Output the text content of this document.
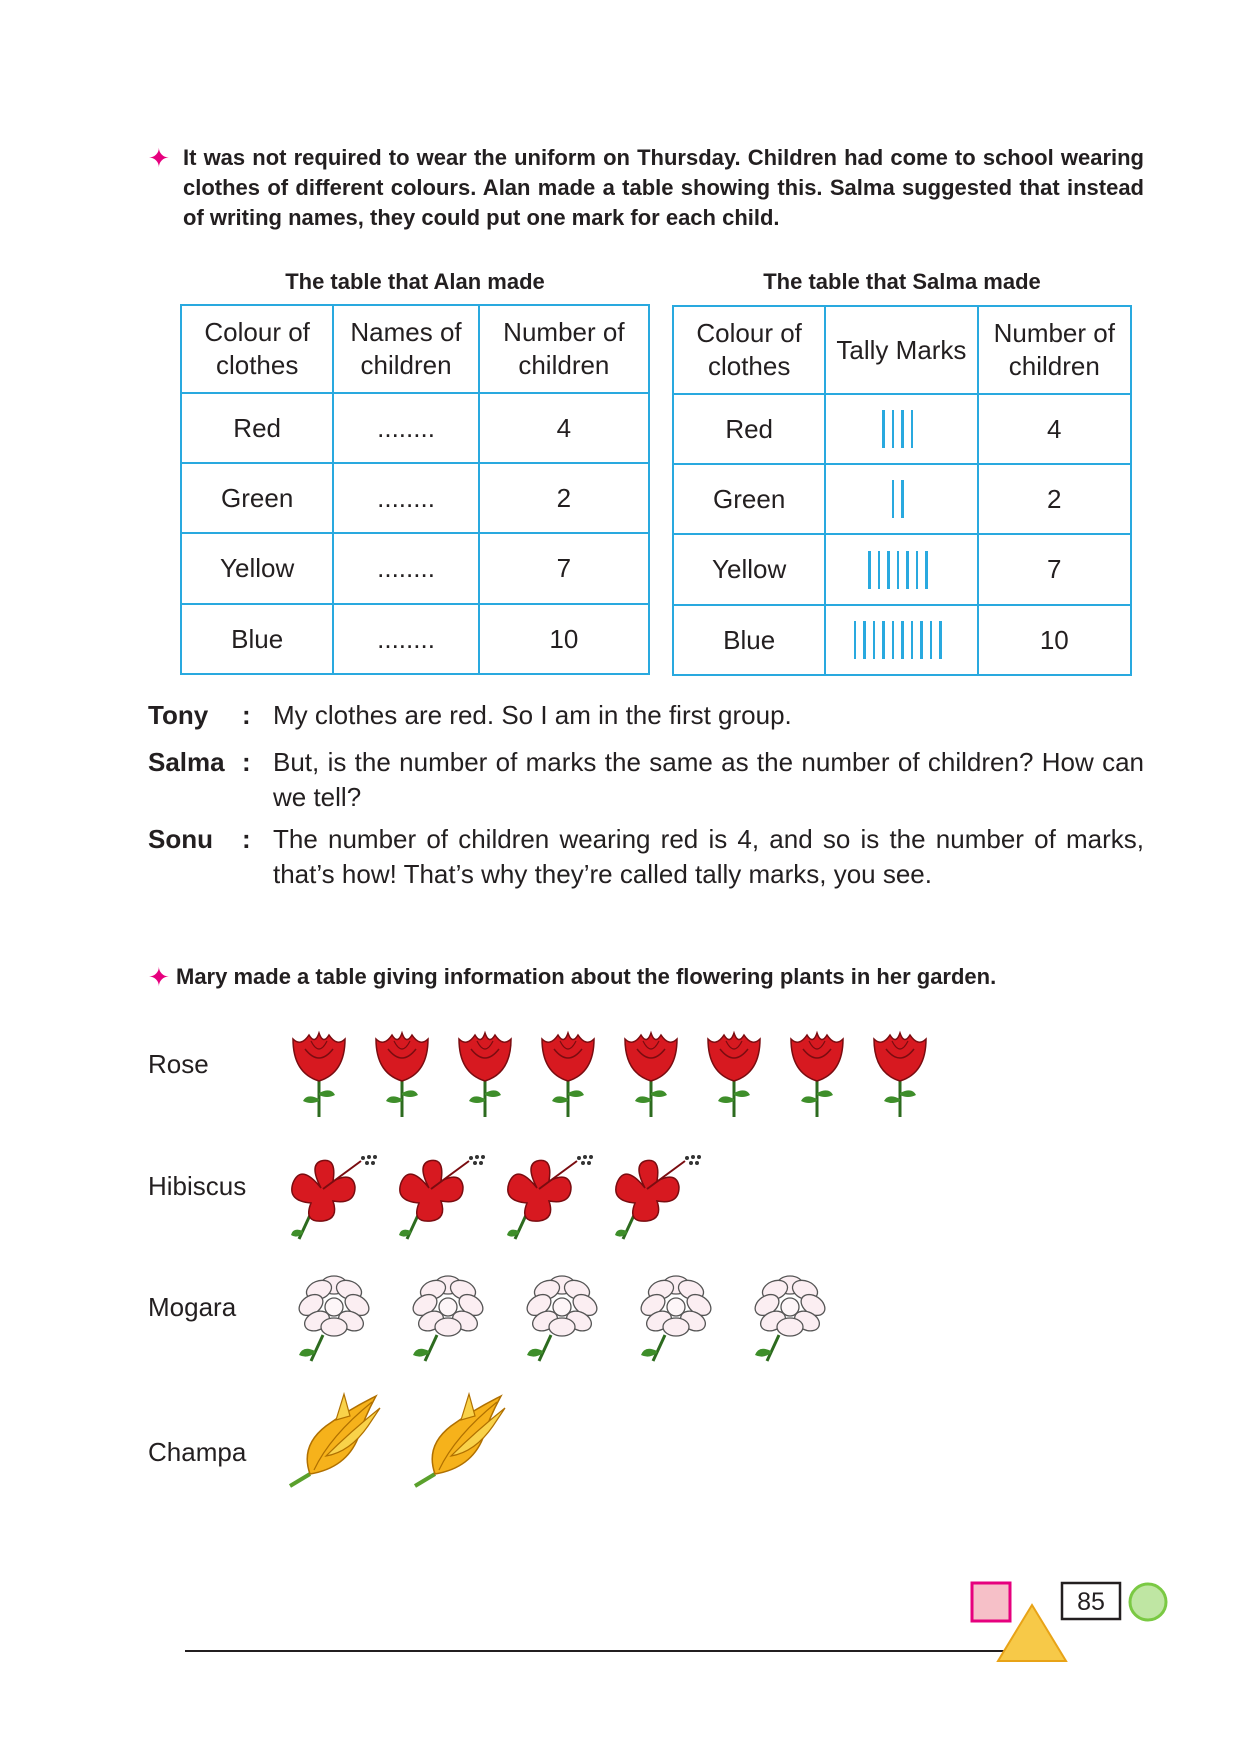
✦ It was not required to wear the uniform on Thursday. Children had come to school wearing clothes of different colours. Alan made a table showing this. Salma suggested that instead of writing names, they could put one mark for each child.
The table that Alan made	The table that Salma made
Colour of clothes	Names of children	Number of children
Red	........	4
Green	........	2
Yellow	........	7
Blue	........	10
Colour of clothes	Tally Marks	Number of children
Red		4
Green		2
Yellow		7
Blue		10
Tony : My clothes are red. So I am in the first group.
Salma : But, is the number of marks the same as the number of children? How can we tell?
Sonu : The number of children wearing red is 4, and so is the number of marks, that’s how! That’s why they’re called tally marks, you see.
✦ Mary made a table giving information about the flowering plants in her garden.
Rose
Hibiscus
Mogara
Champa
85
